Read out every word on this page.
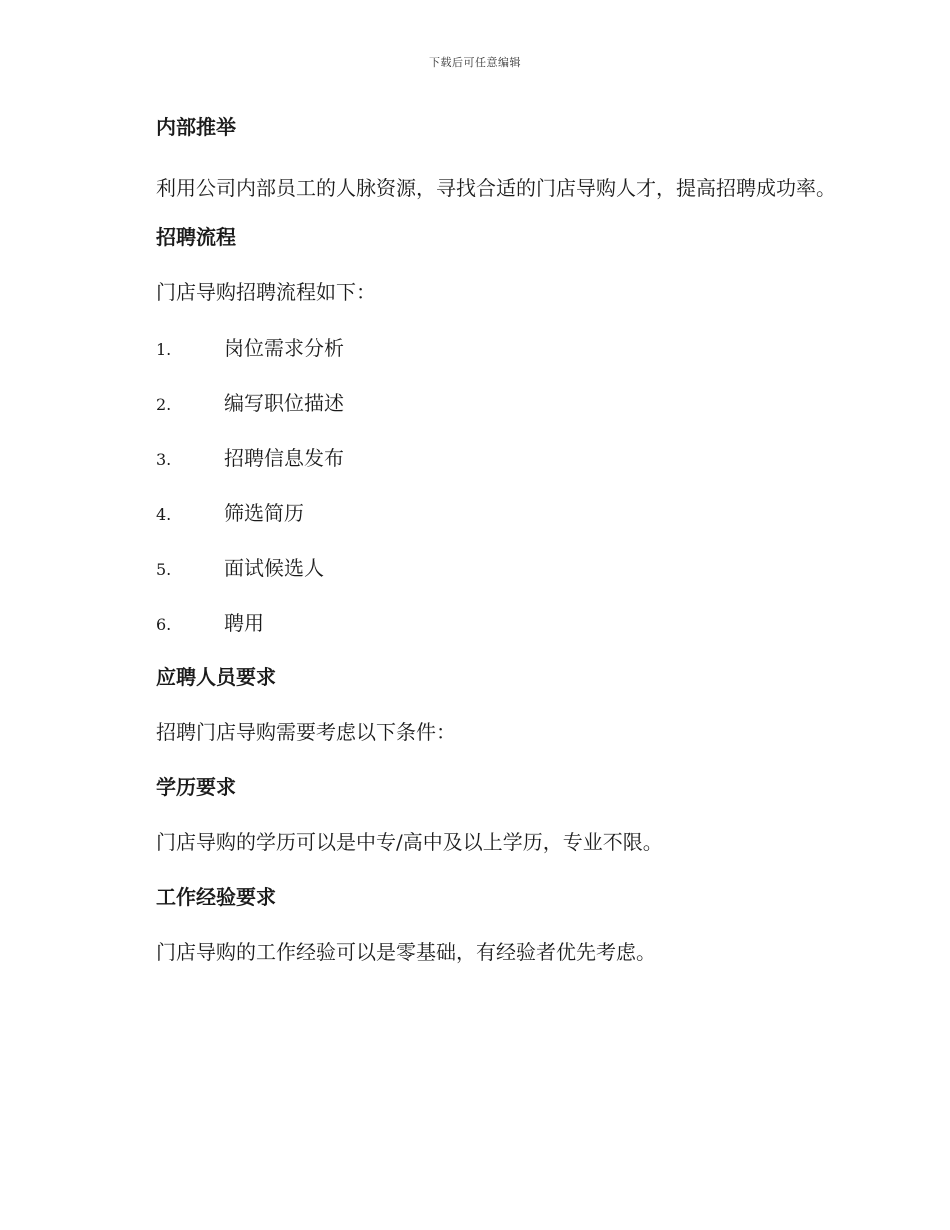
下载后可任意编辑
内部推举

利用公司内部员工的人脉资源，寻找合适的门店导购人才，提高招聘成功率。

招聘流程

门店导购招聘流程如下：

1.	岗位需求分析
2.	编写职位描述
3.	招聘信息发布
4.	筛选简历
5.	面试候选人
6.	聘用
应聘人员要求

招聘门店导购需要考虑以下条件：

学历要求

门店导购的学历可以是中专/高中及以上学历，专业不限。

工作经验要求

门店导购的工作经验可以是零基础，有经验者优先考虑。
